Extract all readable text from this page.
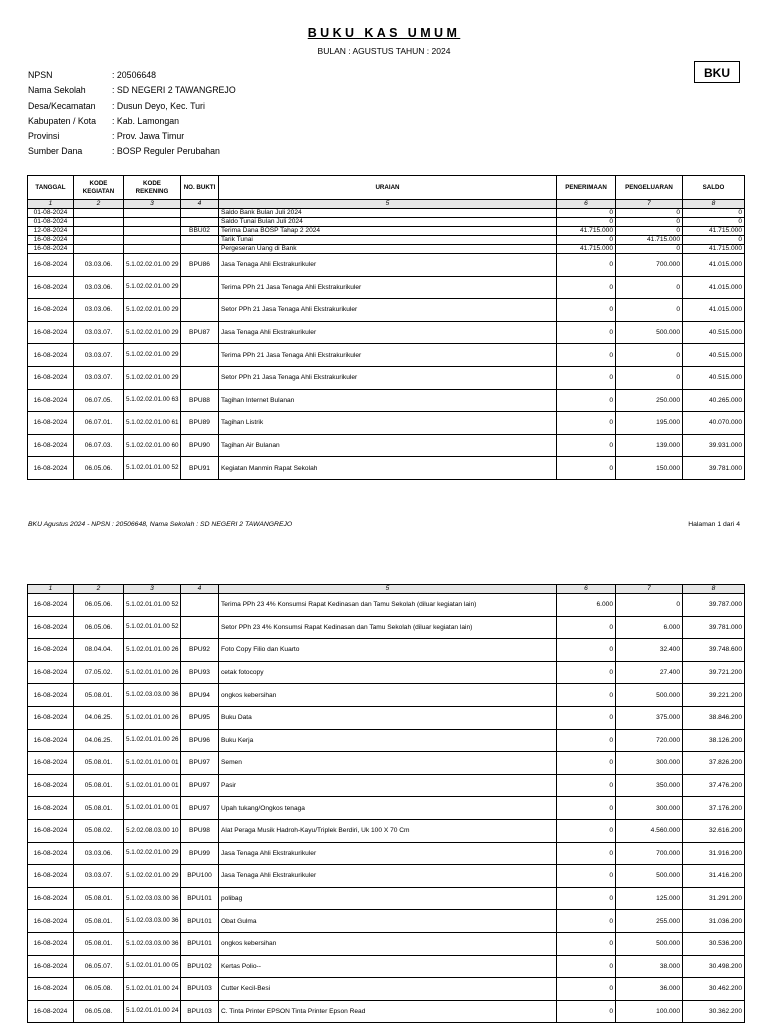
BUKU KAS UMUM
BULAN : AGUSTUS TAHUN : 2024
BKU
NPSN	: 20506648
Nama Sekolah	: SD NEGERI 2 TAWANGREJO
Desa/Kecamatan	: Dusun Deyo, Kec. Turi
Kabupaten / Kota	: Kab. Lamongan
Provinsi	: Prov. Jawa Timur
Sumber Dana	: BOSP Reguler Perubahan
TANGGAL	KODE KEGIATAN	KODE REKENING	NO. BUKTI	URAIAN	PENERIMAAN	PENGELUARAN	SALDO
1	2	3	4	5	6	7	8
01-08-2024				Saldo Bank Bulan Juli 2024	0	0	0
01-08-2024				Saldo Tunai Bulan Juli 2024	0	0	0
12-08-2024			BBU02	Terima Dana BOSP Tahap 2 2024	41.715.000	0	41.715.000
16-08-2024				Tarik Tunai	0	41.715.000	0
16-08-2024				Pergeseran Uang di Bank	41.715.000	0	41.715.000
16-08-2024	03.03.06.	5.1.02.02.01.00 29	BPU86	Jasa Tenaga Ahli Ekstrakurikuler	0	700.000	41.015.000
16-08-2024	03.03.06.	5.1.02.02.01.00 29		Terima PPh 21 Jasa Tenaga Ahli Ekstrakurikuler	0	0	41.015.000
16-08-2024	03.03.06.	5.1.02.02.01.00 29		Setor PPh 21 Jasa Tenaga Ahli Ekstrakurikuler	0	0	41.015.000
16-08-2024	03.03.07.	5.1.02.02.01.00 29	BPU87	Jasa Tenaga Ahli Ekstrakurikuler	0	500.000	40.515.000
16-08-2024	03.03.07.	5.1.02.02.01.00 29		Terima PPh 21 Jasa Tenaga Ahli Ekstrakurikuler	0	0	40.515.000
16-08-2024	03.03.07.	5.1.02.02.01.00 29		Setor PPh 21 Jasa Tenaga Ahli Ekstrakurikuler	0	0	40.515.000
16-08-2024	06.07.05.	5.1.02.02.01.00 63	BPU88	Tagihan Internet Bulanan	0	250.000	40.265.000
16-08-2024	06.07.01.	5.1.02.02.01.00 61	BPU89	Tagihan Listrik	0	195.000	40.070.000
16-08-2024	06.07.03.	5.1.02.02.01.00 60	BPU90	Tagihan Air Bulanan	0	139.000	39.931.000
16-08-2024	06.05.06.	5.1.02.01.01.00 52	BPU91	Kegiatan Manmin Rapat Sekolah	0	150.000	39.781.000
BKU Agustus 2024 - NPSN : 20506648, Nama Sekolah : SD NEGERI 2 TAWANGREJO	Halaman 1 dari 4
1	2	3	4	5	6	7	8
16-08-2024	06.05.06.	5.1.02.01.01.00 52		Terima PPh 23 4% Konsumsi Rapat Kedinasan dan Tamu Sekolah (diluar kegiatan lain)	6.000	0	39.787.000
16-08-2024	06.05.06.	5.1.02.01.01.00 52		Setor PPh 23 4% Konsumsi Rapat Kedinasan dan Tamu Sekolah (diluar kegiatan lain)	0	6.000	39.781.000
16-08-2024	08.04.04.	5.1.02.01.01.00 26	BPU92	Foto Copy Filio dan Kuarto	0	32.400	39.748.600
16-08-2024	07.05.02.	5.1.02.01.01.00 26	BPU93	cetak fotocopy	0	27.400	39.721.200
16-08-2024	05.08.01.	5.1.02.03.03.00 36	BPU94	ongkos kebersihan	0	500.000	39.221.200
16-08-2024	04.06.25.	5.1.02.01.01.00 26	BPU95	Buku Data	0	375.000	38.846.200
16-08-2024	04.06.25.	5.1.02.01.01.00 26	BPU96	Buku Kerja	0	720.000	38.126.200
16-08-2024	05.08.01.	5.1.02.01.01.00 01	BPU97	Semen	0	300.000	37.826.200
16-08-2024	05.08.01.	5.1.02.01.01.00 01	BPU97	Pasir	0	350.000	37.476.200
16-08-2024	05.08.01.	5.1.02.01.01.00 01	BPU97	Upah tukang/Ongkos tenaga	0	300.000	37.176.200
16-08-2024	05.08.02.	5.2.02.08.03.00 10	BPU98	Alat Peraga Musik Hadroh-Kayu/Triplek Berdiri, Uk 100 X 70 Cm	0	4.560.000	32.616.200
16-08-2024	03.03.06.	5.1.02.02.01.00 29	BPU99	Jasa Tenaga Ahli Ekstrakurikuler	0	700.000	31.916.200
16-08-2024	03.03.07.	5.1.02.02.01.00 29	BPU100	Jasa Tenaga Ahli Ekstrakurikuler	0	500.000	31.416.200
16-08-2024	05.08.01.	5.1.02.03.03.00 36	BPU101	polibag	0	125.000	31.291.200
16-08-2024	05.08.01.	5.1.02.03.03.00 36	BPU101	Obat Gulma	0	255.000	31.036.200
16-08-2024	05.08.01.	5.1.02.03.03.00 36	BPU101	ongkos kebersihan	0	500.000	30.536.200
16-08-2024	06.05.07.	5.1.02.01.01.00 05	BPU102	Kertas Polio--	0	38.000	30.498.200
16-08-2024	06.05.08.	5.1.02.01.01.00 24	BPU103	Cutter Kecil-Besi	0	36.000	30.462.200
16-08-2024	06.05.08.	5.1.02.01.01.00 24	BPU103	C. Tinta Printer EPSON Tinta Printer Epson Read	0	100.000	30.362.200
